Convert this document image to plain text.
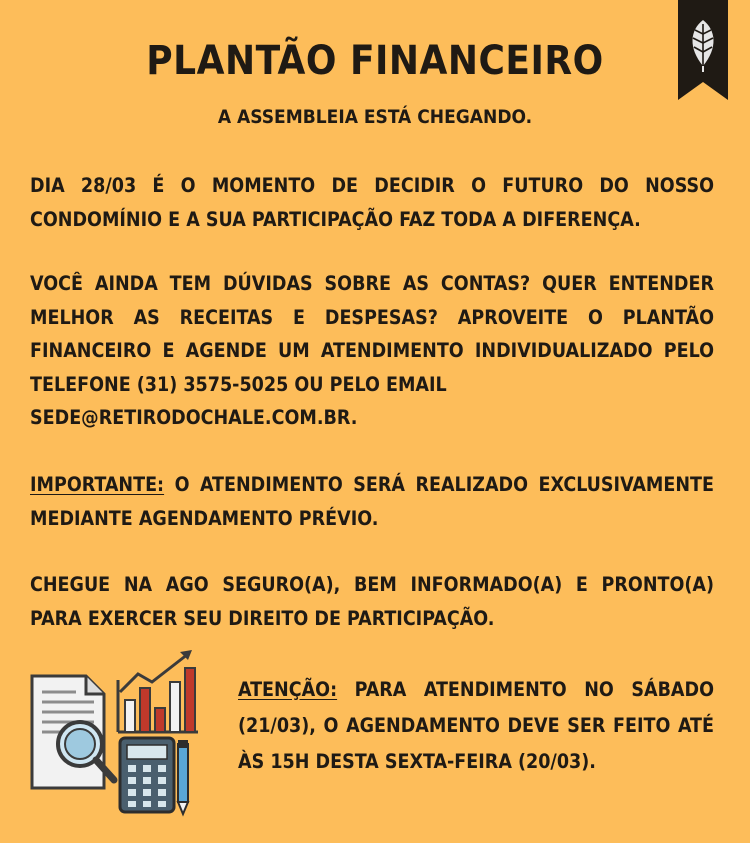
PLANTÃO FINANCEIRO

A ASSEMBLEIA ESTÁ CHEGANDO.

DIA 28/03 É O MOMENTO DE DECIDIR O FUTURO DO NOSSO CONDOMÍNIO E A SUA PARTICIPAÇÃO FAZ TODA A DIFERENÇA.

VOCÊ AINDA TEM DÚVIDAS SOBRE AS CONTAS? QUER ENTENDER MELHOR AS RECEITAS E DESPESAS? APROVEITE O PLANTÃO FINANCEIRO E AGENDE UM ATENDIMENTO INDIVIDUALIZADO PELO TELEFONE (31) 3575-5025 OU PELO EMAIL
SEDE@RETIRODOCHALE.COM.BR.

IMPORTANTE: O ATENDIMENTO SERÁ REALIZADO EXCLUSIVAMENTE MEDIANTE AGENDAMENTO PRÉVIO.

CHEGUE NA AGO SEGURO(A), BEM INFORMADO(A) E PRONTO(A) PARA EXERCER SEU DIREITO DE PARTICIPAÇÃO.

ATENÇÃO: PARA ATENDIMENTO NO SÁBADO (21/03), O AGENDAMENTO DEVE SER FEITO ATÉ ÀS 15H DESTA SEXTA-FEIRA (20/03).
